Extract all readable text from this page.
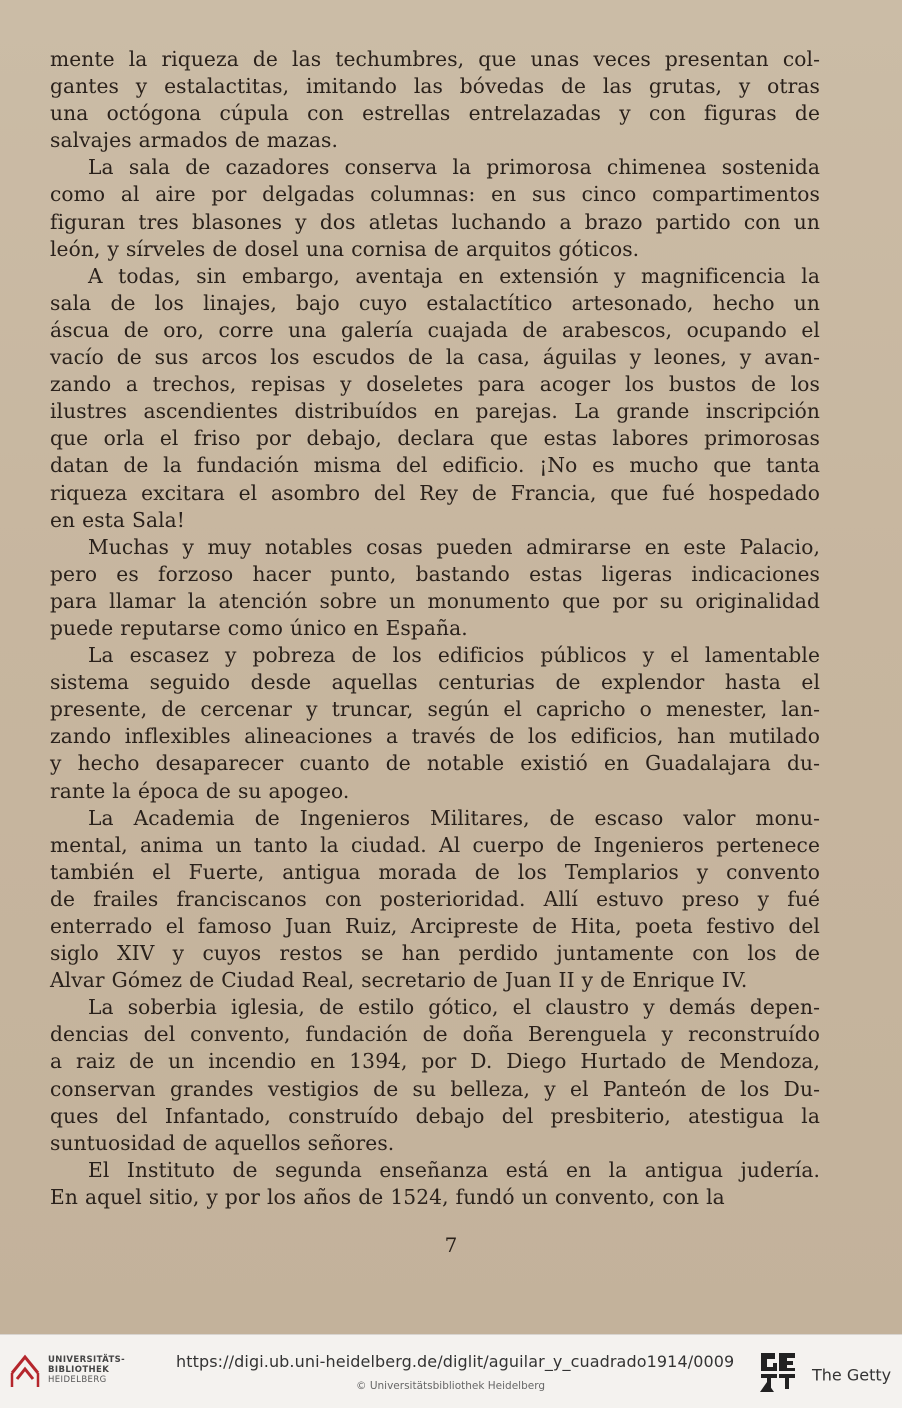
mente la riqueza de las techumbres, que unas veces presentan col-
gantes y estalactitas, imitando las bóvedas de las grutas, y otras
una octógona cúpula con estrellas entrelazadas y con figuras de
salvajes armados de mazas.

La sala de cazadores conserva la primorosa chimenea sostenida
como al aire por delgadas columnas: en sus cinco compartimentos
figuran tres blasones y dos atletas luchando a brazo partido con un
león, y sírveles de dosel una cornisa de arquitos góticos.

A todas, sin embargo, aventaja en extensión y magnificencia la
sala de los linajes, bajo cuyo estalactítico artesonado, hecho un
áscua de oro, corre una galería cuajada de arabescos, ocupando el
vacío de sus arcos los escudos de la casa, águilas y leones, y avan-
zando a trechos, repisas y doseletes para acoger los bustos de los
ilustres ascendientes distribuídos en parejas. La grande inscripción
que orla el friso por debajo, declara que estas labores primorosas
datan de la fundación misma del edificio. ¡No es mucho que tanta
riqueza excitara el asombro del Rey de Francia, que fué hospedado
en esta Sala!

Muchas y muy notables cosas pueden admirarse en este Palacio,
pero es forzoso hacer punto, bastando estas ligeras indicaciones
para llamar la atención sobre un monumento que por su originalidad
puede reputarse como único en España.

La escasez y pobreza de los edificios públicos y el lamentable
sistema seguido desde aquellas centurias de explendor hasta el
presente, de cercenar y truncar, según el capricho o menester, lan-
zando inflexibles alineaciones a través de los edificios, han mutilado
y hecho desaparecer cuanto de notable existió en Guadalajara du-
rante la época de su apogeo.

La Academia de Ingenieros Militares, de escaso valor monu-
mental, anima un tanto la ciudad. Al cuerpo de Ingenieros pertenece
también el Fuerte, antigua morada de los Templarios y convento
de frailes franciscanos con posterioridad. Allí estuvo preso y fué
enterrado el famoso Juan Ruiz, Arcipreste de Hita, poeta festivo del
siglo XIV y cuyos restos se han perdido juntamente con los de
Alvar Gómez de Ciudad Real, secretario de Juan II y de Enrique IV.

La soberbia iglesia, de estilo gótico, el claustro y demás depen-
dencias del convento, fundación de doña Berenguela y reconstruído
a raiz de un incendio en 1394, por D. Diego Hurtado de Mendoza,
conservan grandes vestigios de su belleza, y el Panteón de los Du-
ques del Infantado, construído debajo del presbiterio, atestigua la
suntuosidad de aquellos señores.

El Instituto de segunda enseñanza está en la antigua judería.
En aquel sitio, y por los años de 1524, fundó un convento, con la

7
UNIVERSITÄTS-
BIBLIOTHEK
HEIDELBERG
https://digi.ub.uni-heidelberg.de/diglit/aguilar_y_cuadrado1914/0009
© Universitätsbibliothek Heidelberg
The Getty
